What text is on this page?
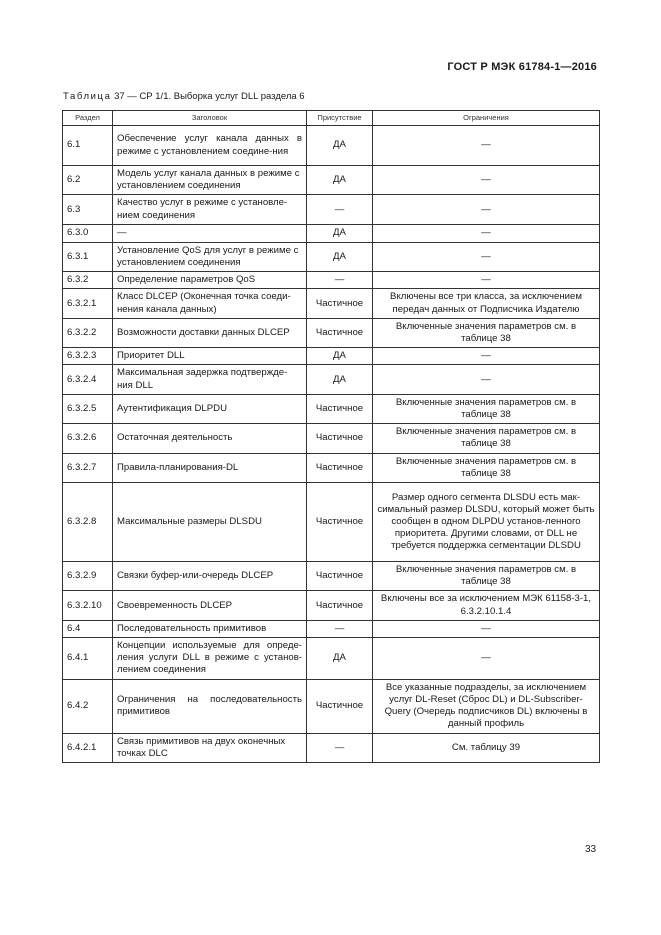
ГОСТ Р МЭК 61784-1—2016
Таблица 37 — СР 1/1. Выборка услуг DLL раздела 6
Раздел	Заголовок	Присутствие	Ограничения
6.1	Обеспечение услуг канала данных в режиме с установлением соедине-ния	ДА	—
6.2	Модель услуг канала данных в режиме с установлением соединения	ДА	—
6.3	Качество услуг в режиме с установле-нием соединения	—	—
6.3.0	—	ДА	—
6.3.1	Установление QoS для услуг в режиме с установлением соединения	ДА	—
6.3.2	Определение параметров QoS	—	—
6.3.2.1	Класс DLCEP (Оконечная точка соеди-нения канала данных)	Частичное	Включены все три класса, за исключением передач данных от Подписчика Издателю
6.3.2.2	Возможности доставки данных DLCEP	Частичное	Включенные значения параметров см. в таблице 38
6.3.2.3	Приоритет DLL	ДА	—
6.3.2.4	Максимальная задержка подтвержде-ния DLL	ДА	—
6.3.2.5	Аутентификация DLPDU	Частичное	Включенные значения параметров см. в таблице 38
6.3.2.6	Остаточная деятельность	Частичное	Включенные значения параметров см. в таблице 38
6.3.2.7	Правила-планирования-DL	Частичное	Включенные значения параметров см. в таблице 38
6.3.2.8	Максимальные размеры DLSDU	Частичное	Размер одного сегмента DLSDU есть мак-симальный размер DLSDU, который может быть сообщен в одном DLPDU установ-ленного приоритета. Другими словами, от DLL не требуется поддержка сегментации DLSDU
6.3.2.9	Связки буфер-или-очередь DLCEP	Частичное	Включенные значения параметров см. в таблице 38
6.3.2.10	Своевременность DLCEP	Частичное	Включены все за исключением МЭК 61158-3-1, 6.3.2.10.1.4
6.4	Последовательность примитивов	—	—
6.4.1	Концепции используемые для опреде-ления услуги DLL в режиме с установ-лением соединения	ДА	—
6.4.2	Ограничения на последовательность примитивов	Частичное	Все указанные подразделы, за исключением услуг DL-Reset (Сброс DL) и DL-Subscriber-Query (Очередь подписчиков DL) включены в данный профиль
6.4.2.1	Связь примитивов на двух оконечных точках DLC	—	См. таблицу 39
33
